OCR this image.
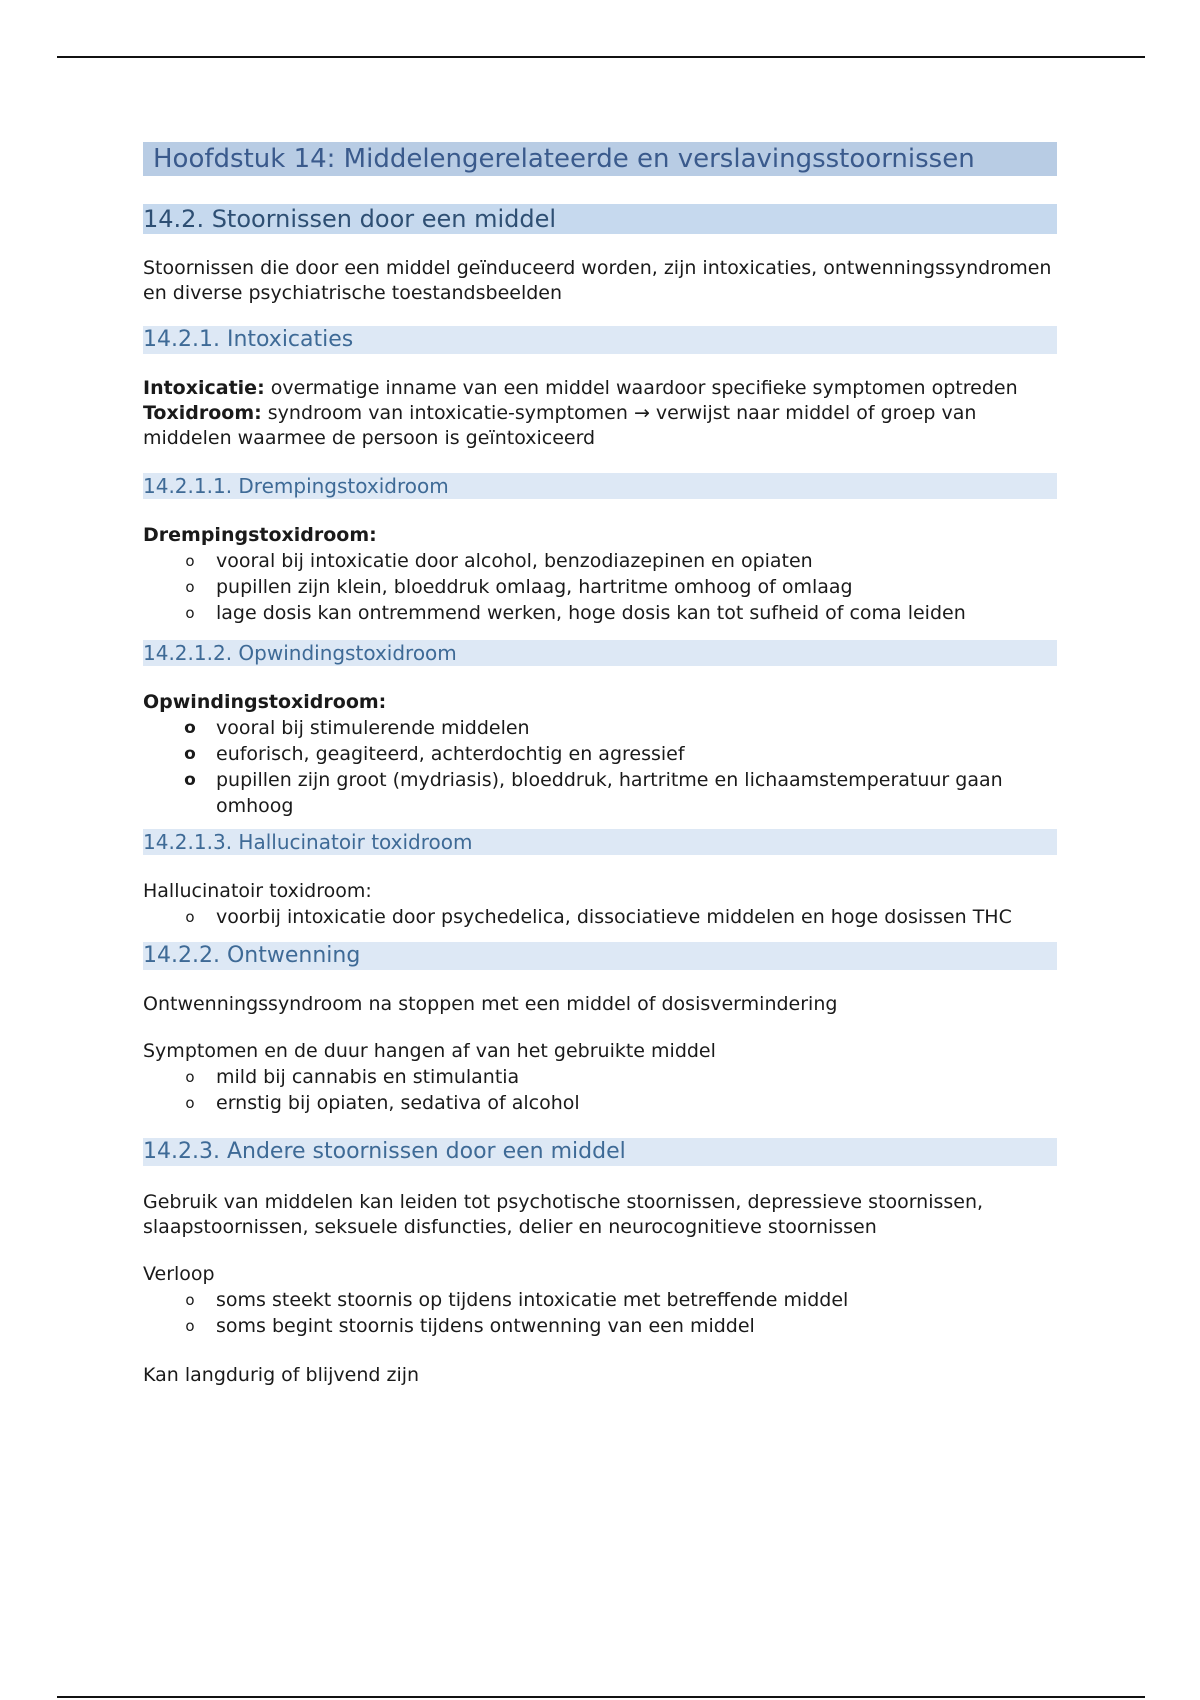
Hoofdstuk 14: Middelengerelateerde en verslavingsstoornissen
14.2. Stoornissen door een middel
Stoornissen die door een middel geïnduceerd worden, zijn intoxicaties, ontwenningssyndromen en diverse psychiatrische toestandsbeelden
14.2.1. Intoxicaties
Intoxicatie: overmatige inname van een middel waardoor specifieke symptomen optreden
Toxidroom: syndroom van intoxicatie-symptomen → verwijst naar middel of groep van middelen waarmee de persoon is geïntoxiceerd
14.2.1.1. Drempingstoxidroom
Drempingstoxidroom:
o vooral bij intoxicatie door alcohol, benzodiazepinen en opiaten
o pupillen zijn klein, bloeddruk omlaag, hartritme omhoog of omlaag
o lage dosis kan ontremmend werken, hoge dosis kan tot sufheid of coma leiden
14.2.1.2. Opwindingstoxidroom
Opwindingstoxidroom:
o vooral bij stimulerende middelen
o euforisch, geagiteerd, achterdochtig en agressief
o pupillen zijn groot (mydriasis), bloeddruk, hartritme en lichaamstemperatuur gaan omhoog
14.2.1.3. Hallucinatoir toxidroom
Hallucinatoir toxidroom:
o voorbij intoxicatie door psychedelica, dissociatieve middelen en hoge dosissen THC
14.2.2. Ontwenning
Ontwenningssyndroom na stoppen met een middel of dosisvermindering
Symptomen en de duur hangen af van het gebruikte middel
o mild bij cannabis en stimulantia
o ernstig bij opiaten, sedativa of alcohol
14.2.3. Andere stoornissen door een middel
Gebruik van middelen kan leiden tot psychotische stoornissen, depressieve stoornissen, slaapstoornissen, seksuele disfuncties, delier en neurocognitieve stoornissen
Verloop
o soms steekt stoornis op tijdens intoxicatie met betreffende middel
o soms begint stoornis tijdens ontwenning van een middel
Kan langdurig of blijvend zijn
